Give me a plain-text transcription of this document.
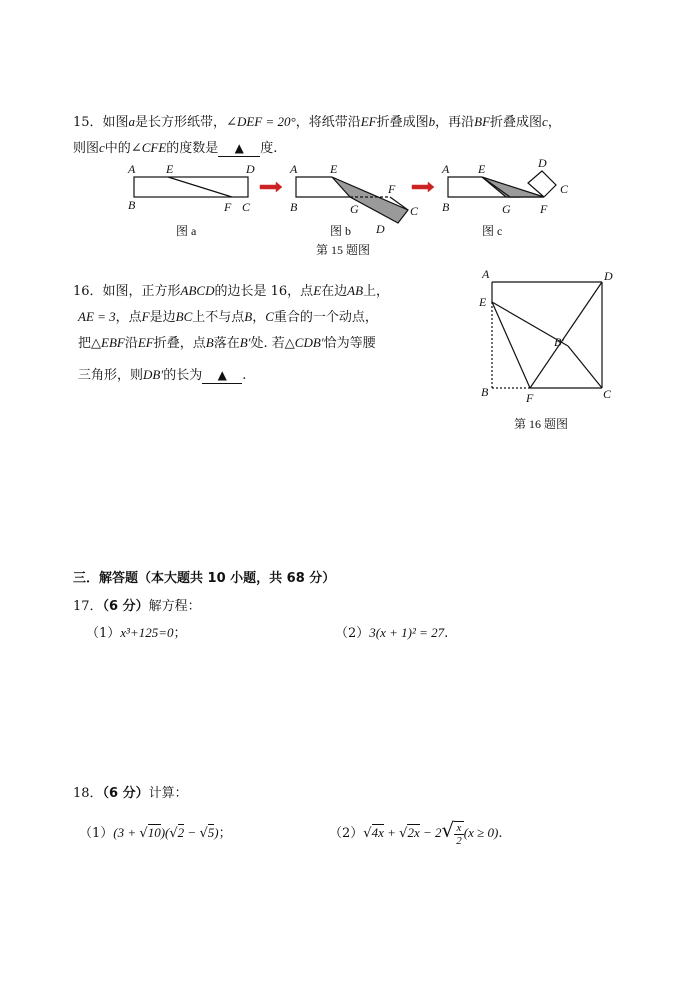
15．如图a是长方形纸带，∠DEF = 20°，将纸带沿EF折叠成图b，再沿BF折叠成图c，
则图c中的∠CFE的度数是 ▲ 度.
A
B
E	D
F C
A
B
E
G
F
C
D
A
B
E
G F
D
C
图 a	图 b	图 c
第 15 题图
16．如图，正方形ABCD的边长是 16，点E在边AB上，
AE = 3，点F是边BC上不与点B，C重合的一个动点，
把△EBF沿EF折叠，点B落在B′处. 若△CDB′恰为等腰
三角形，则DB′的长为 ▲ .
A	D
E
B′
B	F	C
第 16 题图
三．解答题（本大题共 10 小题，共 68 分）
17．（6 分）解方程：
（1）x³+125=0；	（2）3(x + 1)² = 27.
18．（6 分）计算：
（1）(3 + √10)(√2 − √5)；	$(2)√4x + √2x - 2√ \frac{x}{2} (x \ge 0)$.
